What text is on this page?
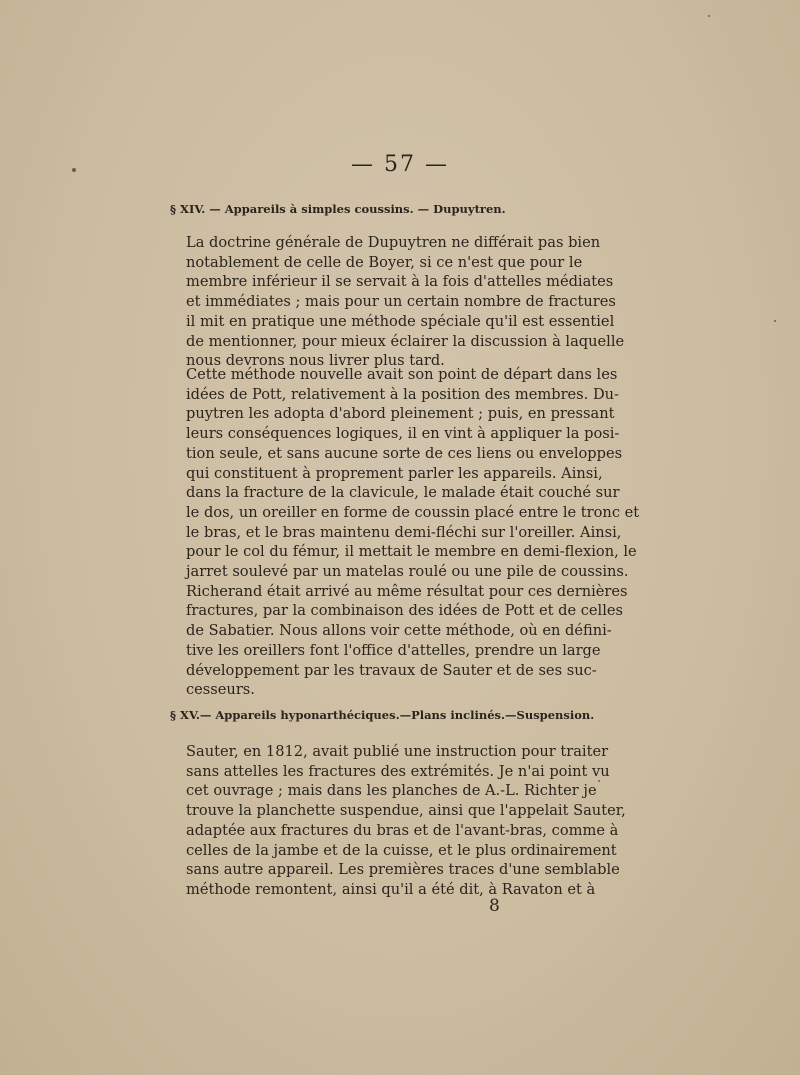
— 57 —
§ XIV. — Appareils à simples coussins. — Dupuytren.
La doctrine générale de Dupuytren ne différait pas bien
notablement de celle de Boyer, si ce n'est que pour le
membre inférieur il se servait à la fois d'attelles médiates
et immédiates ; mais pour un certain nombre de fractures
il mit en pratique une méthode spéciale qu'il est essentiel
de mentionner, pour mieux éclairer la discussion à laquelle
nous devrons nous livrer plus tard.
Cette méthode nouvelle avait son point de départ dans les
idées de Pott, relativement à la position des membres. Du-
puytren les adopta d'abord pleinement ; puis, en pressant
leurs conséquences logiques, il en vint à appliquer la posi-
tion seule, et sans aucune sorte de ces liens ou enveloppes
qui constituent à proprement parler les appareils. Ainsi,
dans la fracture de la clavicule, le malade était couché sur
le dos, un oreiller en forme de coussin placé entre le tronc et
le bras, et le bras maintenu demi-fléchi sur l'oreiller. Ainsi,
pour le col du fémur, il mettait le membre en demi-flexion, le
jarret soulevé par un matelas roulé ou une pile de coussins.
Richerand était arrivé au même résultat pour ces dernières
fractures, par la combinaison des idées de Pott et de celles
de Sabatier. Nous allons voir cette méthode, où en défini-
tive les oreillers font l'office d'attelles, prendre un large
développement par les travaux de Sauter et de ses suc-
cesseurs.
§ XV.— Appareils hyponarthéciques.—Plans inclinés.—Suspension.
Sauter, en 1812, avait publié une instruction pour traiter
sans attelles les fractures des extrémités. Je n'ai point vu
cet ouvrage ; mais dans les planches de A.-L. Richter je
trouve la planchette suspendue, ainsi que l'appelait Sauter,
adaptée aux fractures du bras et de l'avant-bras, comme à
celles de la jambe et de la cuisse, et le plus ordinairement
sans autre appareil. Les premières traces d'une semblable
méthode remontent, ainsi qu'il a été dit, à Ravaton et à
8
